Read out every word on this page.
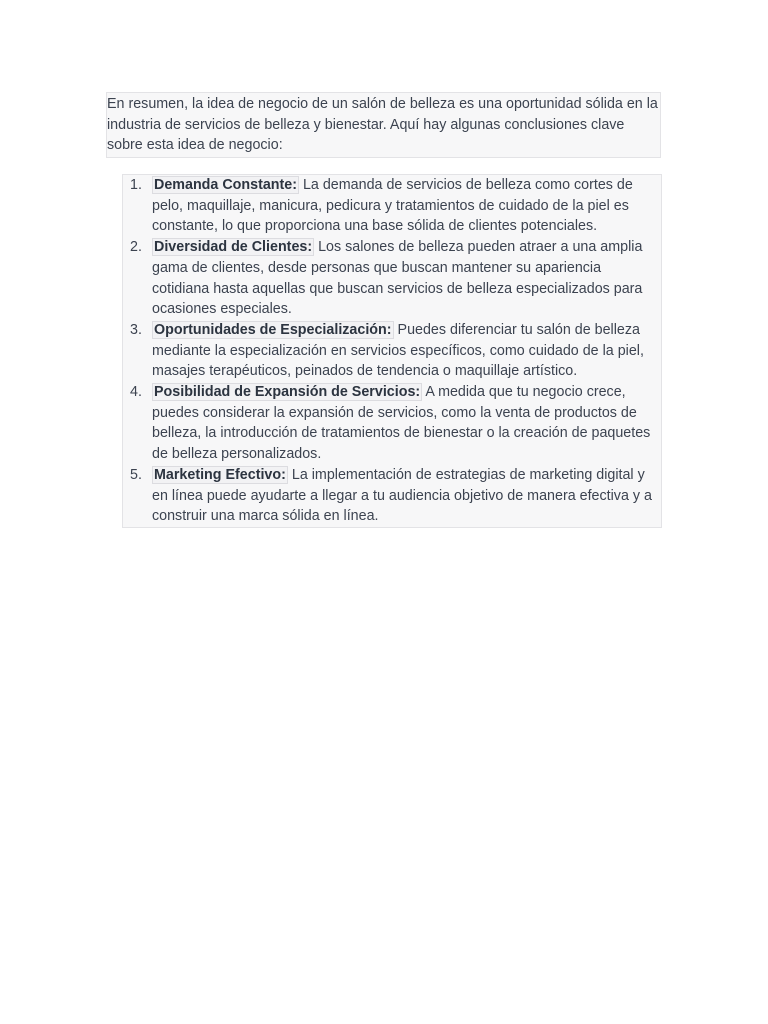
En resumen, la idea de negocio de un salón de belleza es una oportunidad sólida en la industria de servicios de belleza y bienestar. Aquí hay algunas conclusiones clave sobre esta idea de negocio:
1. Demanda Constante: La demanda de servicios de belleza como cortes de pelo, maquillaje, manicura, pedicura y tratamientos de cuidado de la piel es constante, lo que proporciona una base sólida de clientes potenciales.
2. Diversidad de Clientes: Los salones de belleza pueden atraer a una amplia gama de clientes, desde personas que buscan mantener su apariencia cotidiana hasta aquellas que buscan servicios de belleza especializados para ocasiones especiales.
3. Oportunidades de Especialización: Puedes diferenciar tu salón de belleza mediante la especialización en servicios específicos, como cuidado de la piel, masajes terapéuticos, peinados de tendencia o maquillaje artístico.
4. Posibilidad de Expansión de Servicios: A medida que tu negocio crece, puedes considerar la expansión de servicios, como la venta de productos de belleza, la introducción de tratamientos de bienestar o la creación de paquetes de belleza personalizados.
5. Marketing Efectivo: La implementación de estrategias de marketing digital y en línea puede ayudarte a llegar a tu audiencia objetivo de manera efectiva y a construir una marca sólida en línea.
